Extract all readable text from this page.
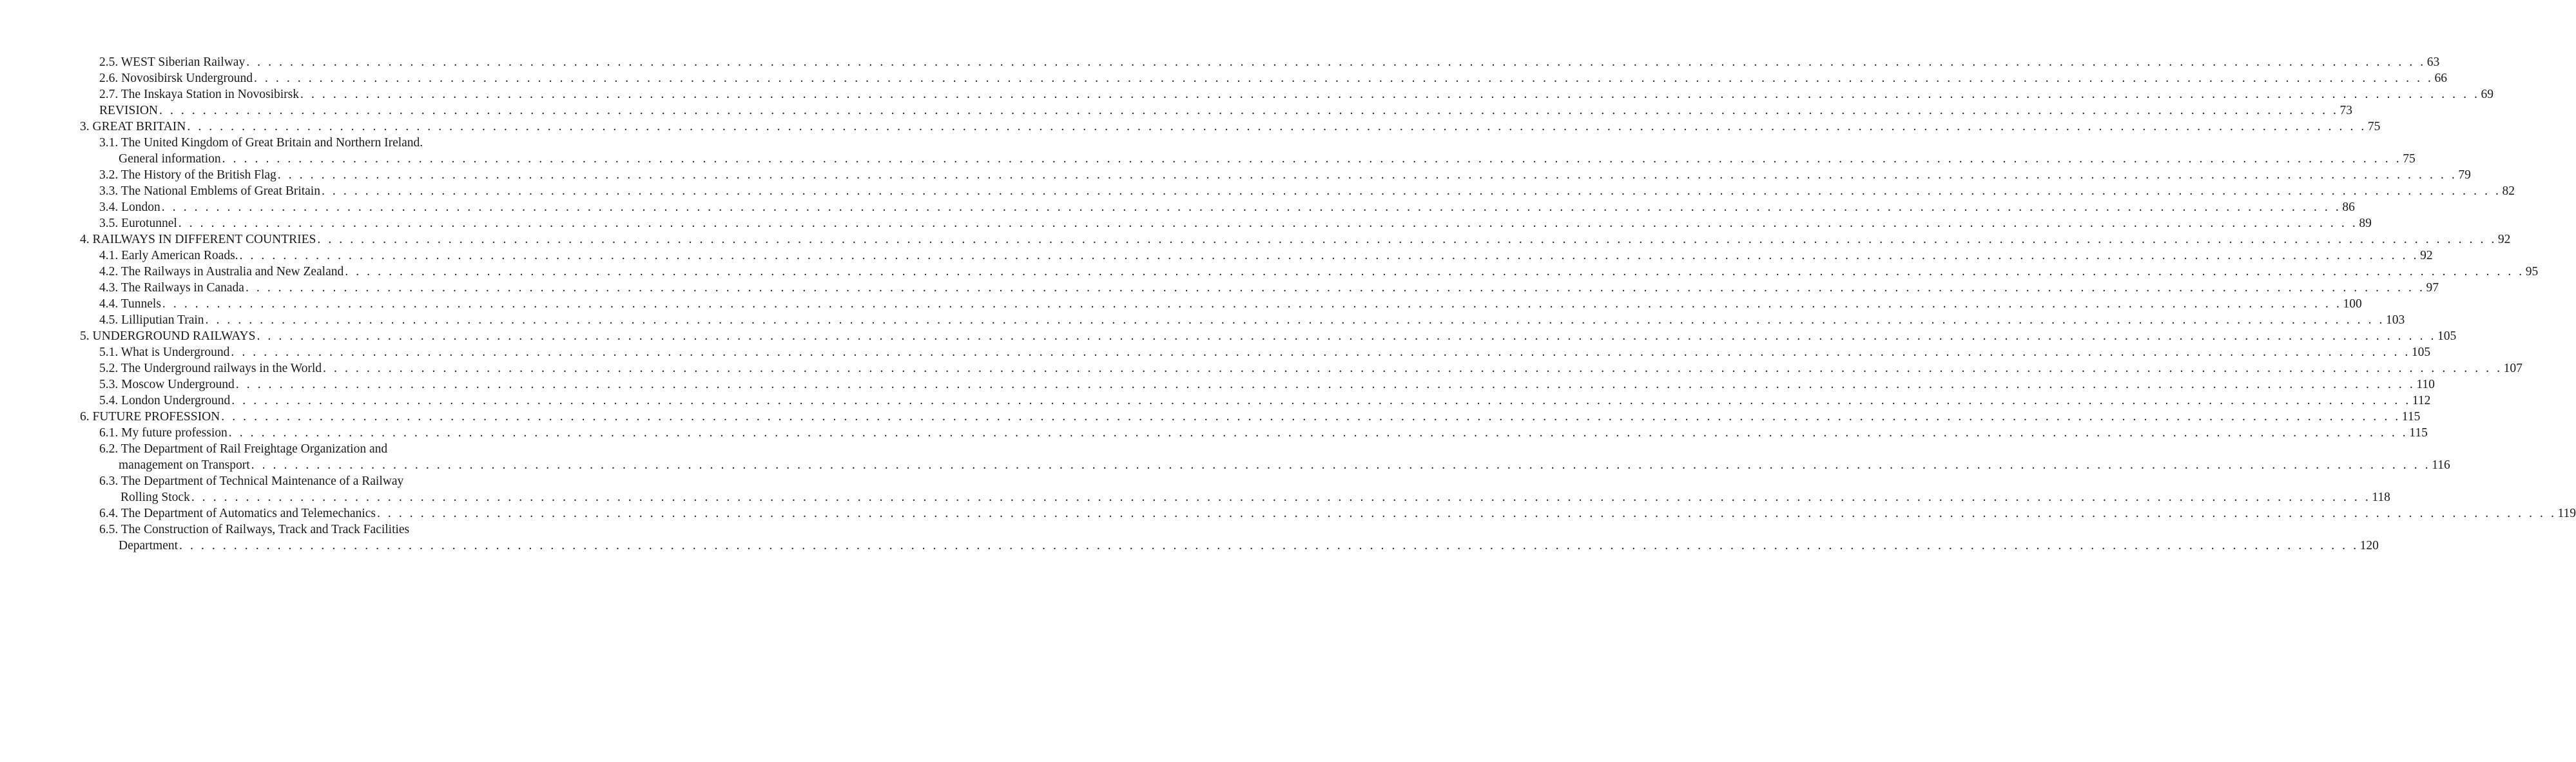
2.5. WEST Siberian Railway . . . . . . . . . . . . . . . . . . . . . . . . . . . . . . . . . . . . . . . . . . . . . . . . . . . . . . . . . . . . . . . . . . . . . . . . . . . . . . . . . . . . . . . . . . . . . . . . . . . . . . . . . . . . . . . . . . . . . . . . . . . . . . . . . . . . . . . . . . . . . . . . . . . . . . . . . . . . . . . . . . . . . . . . . . . . . . . . . . . . . . . . . . . . . . . . . . . . . . . . 63
2.6. Novosibirsk Underground . . . . . . . . . . . . . . . . . . . . . . . . . . . . . . . . . . . . . . . . . . . . . . . . . . . . . . . . . . . . . . . . . . . . . . . . . . . . . . . . . . . . . . . . . . . . . . . . . . . . . . . . . . . . . . . . . . . . . . . . . . . . . . . . . . . . . . . . . . . . . . . . . . . . . . . . . . . . . . . . . . . . . . . . . . . . . . . . . . . . . . . . . . . . . . . . . . . . . . . . 66
2.7. The Inskaya Station in Novosibirsk . . . . . . . . . . . . . . . . . . . . . . . . . . . . . . . . . . . . . . . . . . . . . . . . . . . . . . . . . . . . . . . . . . . . . . . . . . . . . . . . . . . . . . . . . . . . . . . . . . . . . . . . . . . . . . . . . . . . . . . . . . . . . . . . . . . . . . . . . . . . . . . . . . . . . . . . . . . . . . . . . . . . . . . . . . . . . . . . . . . . . . . . . . . . . . . . . . . . . . . . 69
REVISION . . . . . . . . . . . . . . . . . . . . . . . . . . . . . . . . . . . . . . . . . . . . . . . . . . . . . . . . . . . . . . . . . . . . . . . . . . . . . . . . . . . . . . . . . . . . . . . . . . . . . . . . . . . . . . . . . . . . . . . . . . . . . . . . . . . . . . . . . . . . . . . . . . . . . . . . . . . . . . . . . . . . . . . . . . . . . . . . . . . . . . . . . . . . . . . . . . . . . . . . 73
3. GREAT BRITAIN . . . . . . . . . . . . . . . . . . . . . . . . . . . . . . . . . . . . . . . . . . . . . . . . . . . . . . . . . . . . . . . . . . . . . . . . . . . . . . . . . . . . . . . . . . . . . . . . . . . . . . . . . . . . . . . . . . . . . . . . . . . . . . . . . . . . . . . . . . . . . . . . . . . . . . . . . . . . . . . . . . . . . . . . . . . . . . . . . . . . . . . . . . . . . . . . . . . . . . . . 75
3.1. The United Kingdom of Great Britain and Northern Ireland.
General information . . . . . . . . . . . . . . . . . . . . . . . . . . . . . . . . . . . . . . . . . . . . . . . . . . . . . . . . . . . . . . . . . . . . . . . . . . . . . . . . . . . . . . . . . . . . . . . . . . . . . . . . . . . . . . . . . . . . . . . . . . . . . . . . . . . . . . . . . . . . . . . . . . . . . . . . . . . . . . . . . . . . . . . . . . . . . . . . . . . . . . . . . . . . . . . . . . . . . . . . 75
3.2. The History of the British Flag . . . . . . . . . . . . . . . . . . . . . . . . . . . . . . . . . . . . . . . . . . . . . . . . . . . . . . . . . . . . . . . . . . . . . . . . . . . . . . . . . . . . . . . . . . . . . . . . . . . . . . . . . . . . . . . . . . . . . . . . . . . . . . . . . . . . . . . . . . . . . . . . . . . . . . . . . . . . . . . . . . . . . . . . . . . . . . . . . . . . . . . . . . . . . . . . . . . . . . . . 79
3.3. The National Emblems of Great Britain . . . . . . . . . . . . . . . . . . . . . . . . . . . . . . . . . . . . . . . . . . . . . . . . . . . . . . . . . . . . . . . . . . . . . . . . . . . . . . . . . . . . . . . . . . . . . . . . . . . . . . . . . . . . . . . . . . . . . . . . . . . . . . . . . . . . . . . . . . . . . . . . . . . . . . . . . . . . . . . . . . . . . . . . . . . . . . . . . . . . . . . . . . . . . . . . . . . . . . . . 82
3.4. London . . . . . . . . . . . . . . . . . . . . . . . . . . . . . . . . . . . . . . . . . . . . . . . . . . . . . . . . . . . . . . . . . . . . . . . . . . . . . . . . . . . . . . . . . . . . . . . . . . . . . . . . . . . . . . . . . . . . . . . . . . . . . . . . . . . . . . . . . . . . . . . . . . . . . . . . . . . . . . . . . . . . . . . . . . . . . . . . . . . . . . . . . . . . . . . . . . . . . . . . 86
3.5. Eurotunnel . . . . . . . . . . . . . . . . . . . . . . . . . . . . . . . . . . . . . . . . . . . . . . . . . . . . . . . . . . . . . . . . . . . . . . . . . . . . . . . . . . . . . . . . . . . . . . . . . . . . . . . . . . . . . . . . . . . . . . . . . . . . . . . . . . . . . . . . . . . . . . . . . . . . . . . . . . . . . . . . . . . . . . . . . . . . . . . . . . . . . . . . . . . . . . . . . . . . . . . . 89
4. RAILWAYS IN DIFFERENT COUNTRIES . . . . . . . . . . . . . . . . . . . . . . . . . . . . . . . . . . . . . . . . . . . . . . . . . . . . . . . . . . . . . . . . . . . . . . . . . . . . . . . . . . . . . . . . . . . . . . . . . . . . . . . . . . . . . . . . . . . . . . . . . . . . . . . . . . . . . . . . . . . . . . . . . . . . . . . . . . . . . . . . . . . . . . . . . . . . . . . . . . . . . . . . . . . . . . . . . . . . . . . . 92
4.1. Early American Roads. . . . . . . . . . . . . . . . . . . . . . . . . . . . . . . . . . . . . . . . . . . . . . . . . . . . . . . . . . . . . . . . . . . . . . . . . . . . . . . . . . . . . . . . . . . . . . . . . . . . . . . . . . . . . . . . . . . . . . . . . . . . . . . . . . . . . . . . . . . . . . . . . . . . . . . . . . . . . . . . . . . . . . . . . . . . . . . . . . . . . . . . . . . . . . . . . . . . . . . . . 92
4.2. The Railways in Australia and New Zealand . . . . . . . . . . . . . . . . . . . . . . . . . . . . . . . . . . . . . . . . . . . . . . . . . . . . . . . . . . . . . . . . . . . . . . . . . . . . . . . . . . . . . . . . . . . . . . . . . . . . . . . . . . . . . . . . . . . . . . . . . . . . . . . . . . . . . . . . . . . . . . . . . . . . . . . . . . . . . . . . . . . . . . . . . . . . . . . . . . . . . . . . . . . . . . . . . . . . . . . . 95
4.3. The Railways in Canada . . . . . . . . . . . . . . . . . . . . . . . . . . . . . . . . . . . . . . . . . . . . . . . . . . . . . . . . . . . . . . . . . . . . . . . . . . . . . . . . . . . . . . . . . . . . . . . . . . . . . . . . . . . . . . . . . . . . . . . . . . . . . . . . . . . . . . . . . . . . . . . . . . . . . . . . . . . . . . . . . . . . . . . . . . . . . . . . . . . . . . . . . . . . . . . . . . . . . . . . 97
4.4. Tunnels . . . . . . . . . . . . . . . . . . . . . . . . . . . . . . . . . . . . . . . . . . . . . . . . . . . . . . . . . . . . . . . . . . . . . . . . . . . . . . . . . . . . . . . . . . . . . . . . . . . . . . . . . . . . . . . . . . . . . . . . . . . . . . . . . . . . . . . . . . . . . . . . . . . . . . . . . . . . . . . . . . . . . . . . . . . . . . . . . . . . . . . . . . . . . . . . . . . . . . . . 100
4.5. Lilliputian Train . . . . . . . . . . . . . . . . . . . . . . . . . . . . . . . . . . . . . . . . . . . . . . . . . . . . . . . . . . . . . . . . . . . . . . . . . . . . . . . . . . . . . . . . . . . . . . . . . . . . . . . . . . . . . . . . . . . . . . . . . . . . . . . . . . . . . . . . . . . . . . . . . . . . . . . . . . . . . . . . . . . . . . . . . . . . . . . . . . . . . . . . . . . . . . . . . . . . . . . . 103
5. UNDERGROUND RAILWAYS . . . . . . . . . . . . . . . . . . . . . . . . . . . . . . . . . . . . . . . . . . . . . . . . . . . . . . . . . . . . . . . . . . . . . . . . . . . . . . . . . . . . . . . . . . . . . . . . . . . . . . . . . . . . . . . . . . . . . . . . . . . . . . . . . . . . . . . . . . . . . . . . . . . . . . . . . . . . . . . . . . . . . . . . . . . . . . . . . . . . . . . . . . . . . . . . . . . . . . . . 105
5.1. What is Underground . . . . . . . . . . . . . . . . . . . . . . . . . . . . . . . . . . . . . . . . . . . . . . . . . . . . . . . . . . . . . . . . . . . . . . . . . . . . . . . . . . . . . . . . . . . . . . . . . . . . . . . . . . . . . . . . . . . . . . . . . . . . . . . . . . . . . . . . . . . . . . . . . . . . . . . . . . . . . . . . . . . . . . . . . . . . . . . . . . . . . . . . . . . . . . . . . . . . . . . . 105
5.2. The Underground railways in the World . . . . . . . . . . . . . . . . . . . . . . . . . . . . . . . . . . . . . . . . . . . . . . . . . . . . . . . . . . . . . . . . . . . . . . . . . . . . . . . . . . . . . . . . . . . . . . . . . . . . . . . . . . . . . . . . . . . . . . . . . . . . . . . . . . . . . . . . . . . . . . . . . . . . . . . . . . . . . . . . . . . . . . . . . . . . . . . . . . . . . . . . . . . . . . . . . . . . . . . . 107
5.3. Moscow Underground . . . . . . . . . . . . . . . . . . . . . . . . . . . . . . . . . . . . . . . . . . . . . . . . . . . . . . . . . . . . . . . . . . . . . . . . . . . . . . . . . . . . . . . . . . . . . . . . . . . . . . . . . . . . . . . . . . . . . . . . . . . . . . . . . . . . . . . . . . . . . . . . . . . . . . . . . . . . . . . . . . . . . . . . . . . . . . . . . . . . . . . . . . . . . . . . . . . . . . . . 110
5.4. London Underground . . . . . . . . . . . . . . . . . . . . . . . . . . . . . . . . . . . . . . . . . . . . . . . . . . . . . . . . . . . . . . . . . . . . . . . . . . . . . . . . . . . . . . . . . . . . . . . . . . . . . . . . . . . . . . . . . . . . . . . . . . . . . . . . . . . . . . . . . . . . . . . . . . . . . . . . . . . . . . . . . . . . . . . . . . . . . . . . . . . . . . . . . . . . . . . . . . . . . . . . 112
6. FUTURE PROFESSION . . . . . . . . . . . . . . . . . . . . . . . . . . . . . . . . . . . . . . . . . . . . . . . . . . . . . . . . . . . . . . . . . . . . . . . . . . . . . . . . . . . . . . . . . . . . . . . . . . . . . . . . . . . . . . . . . . . . . . . . . . . . . . . . . . . . . . . . . . . . . . . . . . . . . . . . . . . . . . . . . . . . . . . . . . . . . . . . . . . . . . . . . . . . . . . . . . . . . . . . 115
6.1. My future profession . . . . . . . . . . . . . . . . . . . . . . . . . . . . . . . . . . . . . . . . . . . . . . . . . . . . . . . . . . . . . . . . . . . . . . . . . . . . . . . . . . . . . . . . . . . . . . . . . . . . . . . . . . . . . . . . . . . . . . . . . . . . . . . . . . . . . . . . . . . . . . . . . . . . . . . . . . . . . . . . . . . . . . . . . . . . . . . . . . . . . . . . . . . . . . . . . . . . . . . . 115
6.2. The Department of Rail Freightage Organization and
management on Transport . . . . . . . . . . . . . . . . . . . . . . . . . . . . . . . . . . . . . . . . . . . . . . . . . . . . . . . . . . . . . . . . . . . . . . . . . . . . . . . . . . . . . . . . . . . . . . . . . . . . . . . . . . . . . . . . . . . . . . . . . . . . . . . . . . . . . . . . . . . . . . . . . . . . . . . . . . . . . . . . . . . . . . . . . . . . . . . . . . . . . . . . . . . . . . . . . . . . . . . . 116
6.3. The Department of Technical Maintenance of a Railway
Rolling Stock . . . . . . . . . . . . . . . . . . . . . . . . . . . . . . . . . . . . . . . . . . . . . . . . . . . . . . . . . . . . . . . . . . . . . . . . . . . . . . . . . . . . . . . . . . . . . . . . . . . . . . . . . . . . . . . . . . . . . . . . . . . . . . . . . . . . . . . . . . . . . . . . . . . . . . . . . . . . . . . . . . . . . . . . . . . . . . . . . . . . . . . . . . . . . . . . . . . . . . . . 118
6.4. The Department of Automatics and Telemechanics . . . . . . . . . . . . . . . . . . . . . . . . . . . . . . . . . . . . . . . . . . . . . . . . . . . . . . . . . . . . . . . . . . . . . . . . . . . . . . . . . . . . . . . . . . . . . . . . . . . . . . . . . . . . . . . . . . . . . . . . . . . . . . . . . . . . . . . . . . . . . . . . . . . . . . . . . . . . . . . . . . . . . . . . . . . . . . . . . . . . . . . . . . . . . . . . . . . . . . . . 119
6.5. The Construction of Railways, Track and Track Facilities
Department . . . . . . . . . . . . . . . . . . . . . . . . . . . . . . . . . . . . . . . . . . . . . . . . . . . . . . . . . . . . . . . . . . . . . . . . . . . . . . . . . . . . . . . . . . . . . . . . . . . . . . . . . . . . . . . . . . . . . . . . . . . . . . . . . . . . . . . . . . . . . . . . . . . . . . . . . . . . . . . . . . . . . . . . . . . . . . . . . . . . . . . . . . . . . . . . . . . . . . . . 120
